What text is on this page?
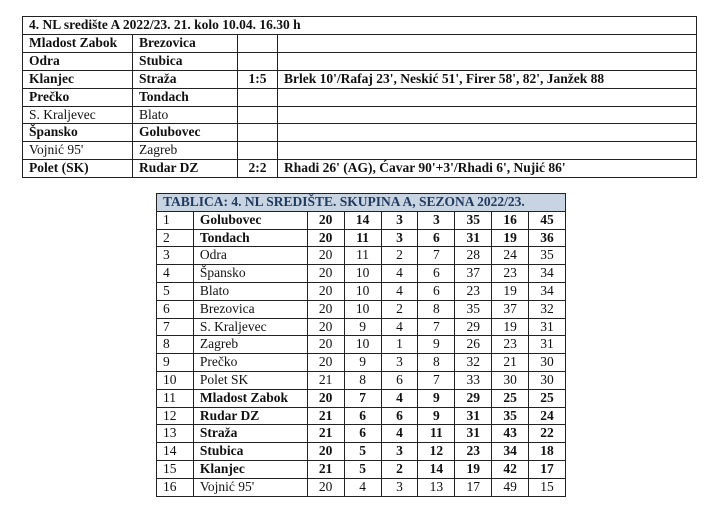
4. NL središte A 2022/23. 21. kolo 10.04. 16.30 h			
Mladost Zabok	Brezovica		
Odra	Stubica		
Klanjec	Straža	1:5	Brlek 10'/Rafaj 23', Neskić 51', Firer 58', 82', Janžek 88
Prečko	Tondach		
S. Kraljevec	Blato		
Špansko	Golubovec		
Vojnić 95'	Zagreb		
Polet (SK)	Rudar DZ	2:2	Rhadi 26' (AG), Ćavar 90'+3'/Rhadi 6', Nujić 86'
TABLICA: 4. NL SREDIŠTE. SKUPINA A, SEZONA 2022/23.								
1	Golubovec	20	14	3	3	35	16	45
2	Tondach	20	11	3	6	31	19	36
3	Odra	20	11	2	7	28	24	35
4	Špansko	20	10	4	6	37	23	34
5	Blato	20	10	4	6	23	19	34
6	Brezovica	20	10	2	8	35	37	32
7	S. Kraljevec	20	9	4	7	29	19	31
8	Zagreb	20	10	1	9	26	23	31
9	Prečko	20	9	3	8	32	21	30
10	Polet SK	21	8	6	7	33	30	30
11	Mladost Zabok	20	7	4	9	29	25	25
12	Rudar DZ	21	6	6	9	31	35	24
13	Straža	21	6	4	11	31	43	22
14	Stubica	20	5	3	12	23	34	18
15	Klanjec	21	5	2	14	19	42	17
16	Vojnić 95'	20	4	3	13	17	49	15
